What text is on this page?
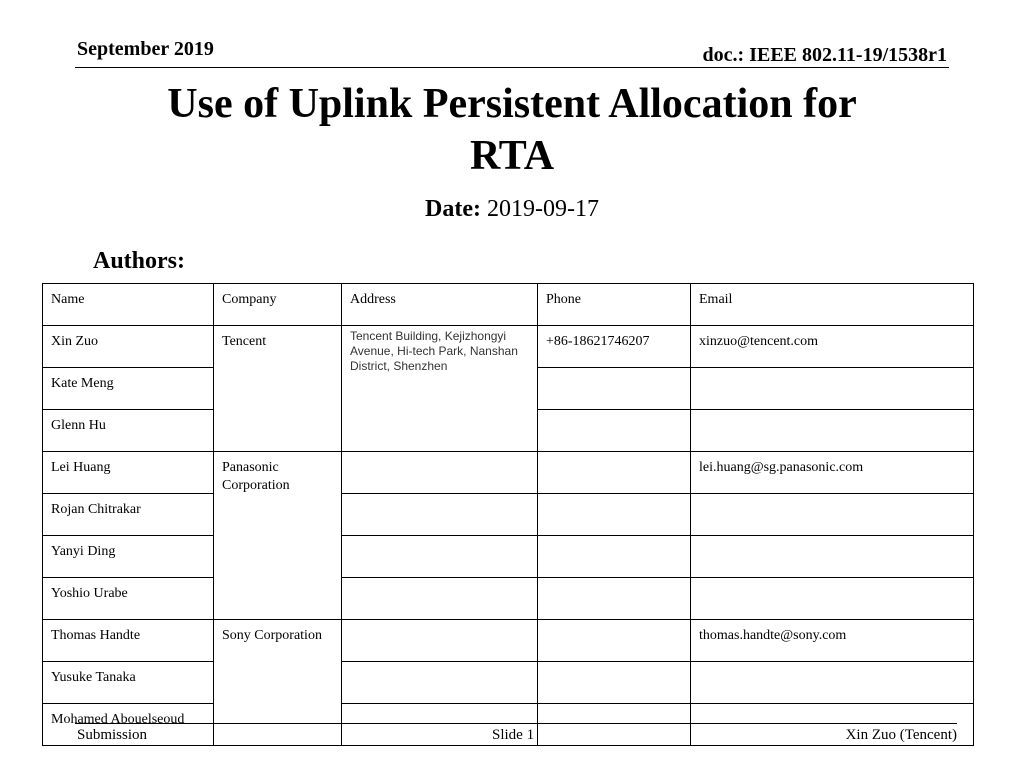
September 2019	doc.: IEEE 802.11-19/1538r1
Use of Uplink Persistent Allocation for
RTA
Date: 2019-09-17
Authors:
Name	Company	Address	Phone	Email
Xin Zuo	Tencent	Tencent Building, Kejizhongyi Avenue, Hi-tech Park, Nanshan District, Shenzhen	+86-18621746207	xinzuo@tencent.com
Kate Meng				
Glenn Hu				
Lei Huang	Panasonic Corporation			lei.huang@sg.panasonic.com
Rojan Chitrakar				
Yanyi Ding				
Yoshio Urabe				
Thomas Handte	Sony Corporation			thomas.handte@sony.com
Yusuke Tanaka				
Mohamed Abouelseoud				
Submission	Slide 1	Xin Zuo (Tencent)
